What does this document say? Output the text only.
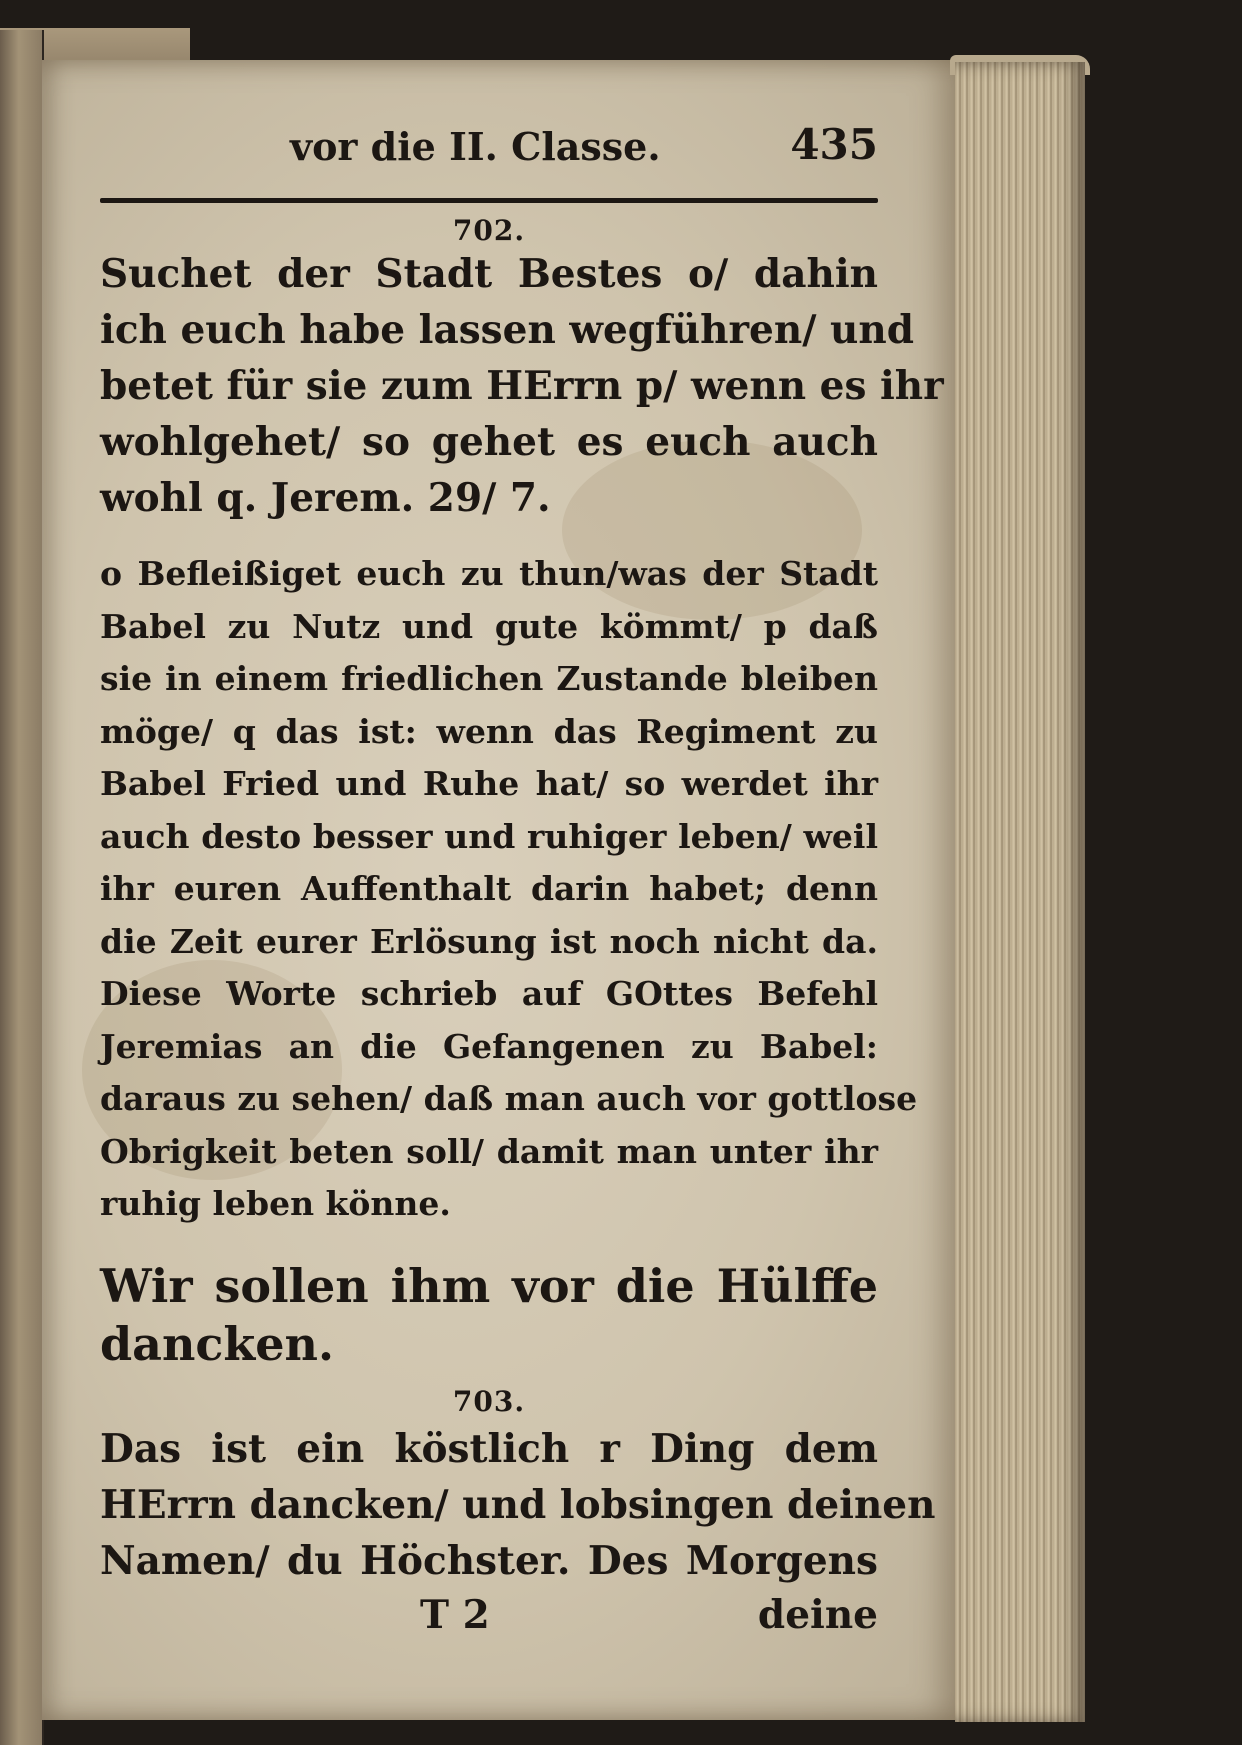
vor die II. Classe.	435
702.
Suchet der Stadt Bestes o/ dahin
ich euch habe lassen wegführen/ und
betet für sie zum HErrn p/ wenn es ihr
wohlgehet/ so gehet es euch auch
wohl q. Jerem. 29/ 7.
o Befleißiget euch zu thun/was der Stadt
Babel zu Nutz und gute kömmt/ p daß
sie in einem friedlichen Zustande bleiben
möge/ q das ist: wenn das Regiment zu
Babel Fried und Ruhe hat/ so werdet ihr
auch desto besser und ruhiger leben/ weil
ihr euren Auffenthalt darin habet; denn
die Zeit eurer Erlösung ist noch nicht da.
Diese Worte schrieb auf GOttes Befehl
Jeremias an die Gefangenen zu Babel:
daraus zu sehen/ daß man auch vor gottlose
Obrigkeit beten soll/ damit man unter ihr
ruhig leben könne.
Wir sollen ihm vor die Hülffe
dancken.
703.
Das ist ein köstlich r Ding dem
HErrn dancken/ und lobsingen deinen
Namen/ du Höchster. Des Morgens
T 2	deine
